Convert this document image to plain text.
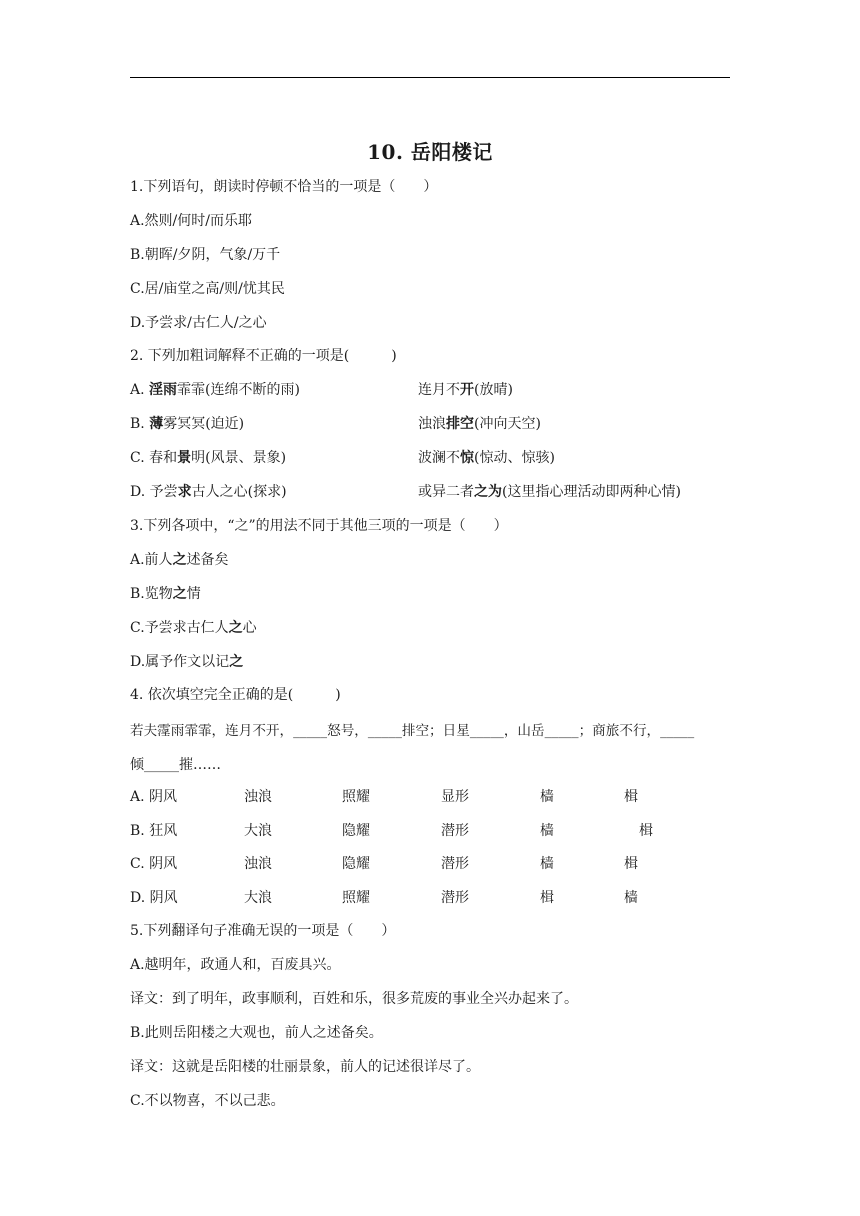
10. 岳阳楼记
1.下列语句，朗读时停顿不恰当的一项是（　　）
A.然则/何时/而乐耶
B.朝晖/夕阴，气象/万千
C.居/庙堂之高/则/忧其民
D.予尝求/古仁人/之心
2. 下列加粗词解释不正确的一项是(　　　)
A. 淫雨霏霏(连绵不断的雨)	连月不开(放晴)
B. 薄雾冥冥(迫近)	浊浪排空(冲向天空)
C. 春和景明(风景、景象)	波澜不惊(惊动、惊骇)
D. 予尝求古人之心(探求)	或异二者之为(这里指心理活动即两种心情)
3.下列各项中，“之”的用法不同于其他三项的一项是（　　）
A.前人之述备矣
B.览物之情
C.予尝求古仁人之心
D.属予作文以记之
4. 依次填空完全正确的是(　　　)
若夫霪雨霏霏，连月不开，_____怒号，_____排空；日星_____，山岳_____；商旅不行，_____
倾_____摧……
A. 阴风	浊浪	照耀	显形	樯	楫
B. 狂风	大浪	隐耀	潜形	樯	楫
C. 阴风	浊浪	隐耀	潜形	樯	楫
D. 阴风	大浪	照耀	潜形	楫	樯
5.下列翻译句子准确无误的一项是（　　）
A.越明年，政通人和，百废具兴。
译文：到了明年，政事顺利，百姓和乐，很多荒废的事业全兴办起来了。
B.此则岳阳楼之大观也，前人之述备矣。
译文：这就是岳阳楼的壮丽景象，前人的记述很详尽了。
C.不以物喜，不以己悲。
